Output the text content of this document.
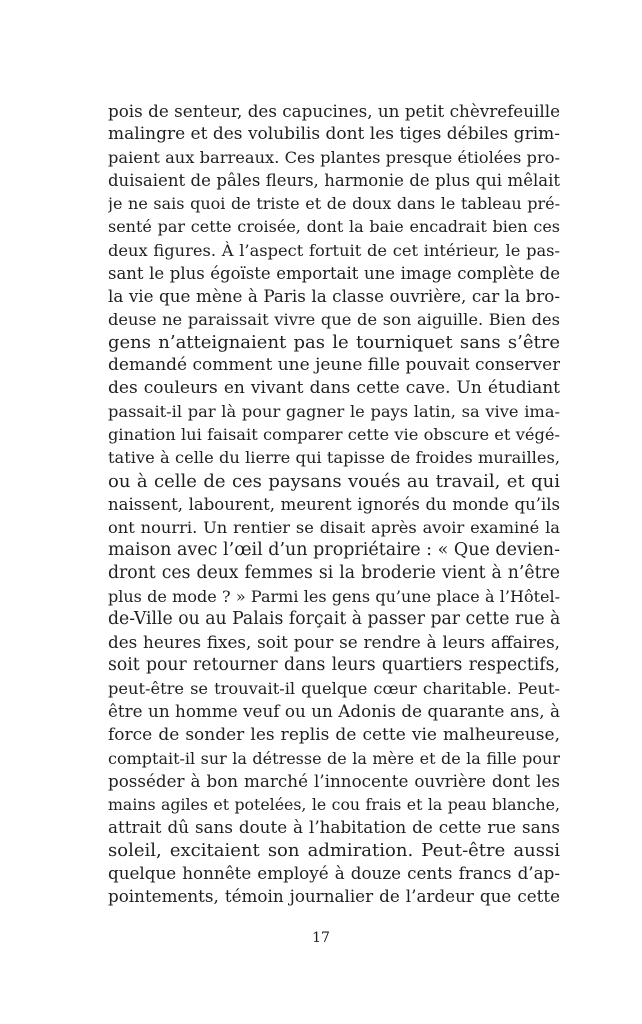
pois de senteur, des capucines, un petit chèvrefeuille
malingre et des volubilis dont les tiges débiles grim-
paient aux barreaux. Ces plantes presque étiolées pro-
duisaient de pâles fleurs, harmonie de plus qui mêlait
je ne sais quoi de triste et de doux dans le tableau pré-
senté par cette croisée, dont la baie encadrait bien ces
deux figures. À l’aspect fortuit de cet intérieur, le pas-
sant le plus égoïste emportait une image complète de
la vie que mène à Paris la classe ouvrière, car la bro-
deuse ne paraissait vivre que de son aiguille. Bien des
gens n’atteignaient pas le tourniquet sans s’être
demandé comment une jeune fille pouvait conserver
des couleurs en vivant dans cette cave. Un étudiant
passait-il par là pour gagner le pays latin, sa vive ima-
gination lui faisait comparer cette vie obscure et végé-
tative à celle du lierre qui tapisse de froides murailles,
ou à celle de ces paysans voués au travail, et qui
naissent, labourent, meurent ignorés du monde qu’ils
ont nourri. Un rentier se disait après avoir examiné la
maison avec l’œil d’un propriétaire : « Que devien-
dront ces deux femmes si la broderie vient à n’être
plus de mode ? » Parmi les gens qu’une place à l’Hôtel-
de-Ville ou au Palais forçait à passer par cette rue à
des heures fixes, soit pour se rendre à leurs affaires,
soit pour retourner dans leurs quartiers respectifs,
peut-être se trouvait-il quelque cœur charitable. Peut-
être un homme veuf ou un Adonis de quarante ans, à
force de sonder les replis de cette vie malheureuse,
comptait-il sur la détresse de la mère et de la fille pour
posséder à bon marché l’innocente ouvrière dont les
mains agiles et potelées, le cou frais et la peau blanche,
attrait dû sans doute à l’habitation de cette rue sans
soleil, excitaient son admiration. Peut-être aussi
quelque honnête employé à douze cents francs d’ap-
pointements, témoin journalier de l’ardeur que cette
17
